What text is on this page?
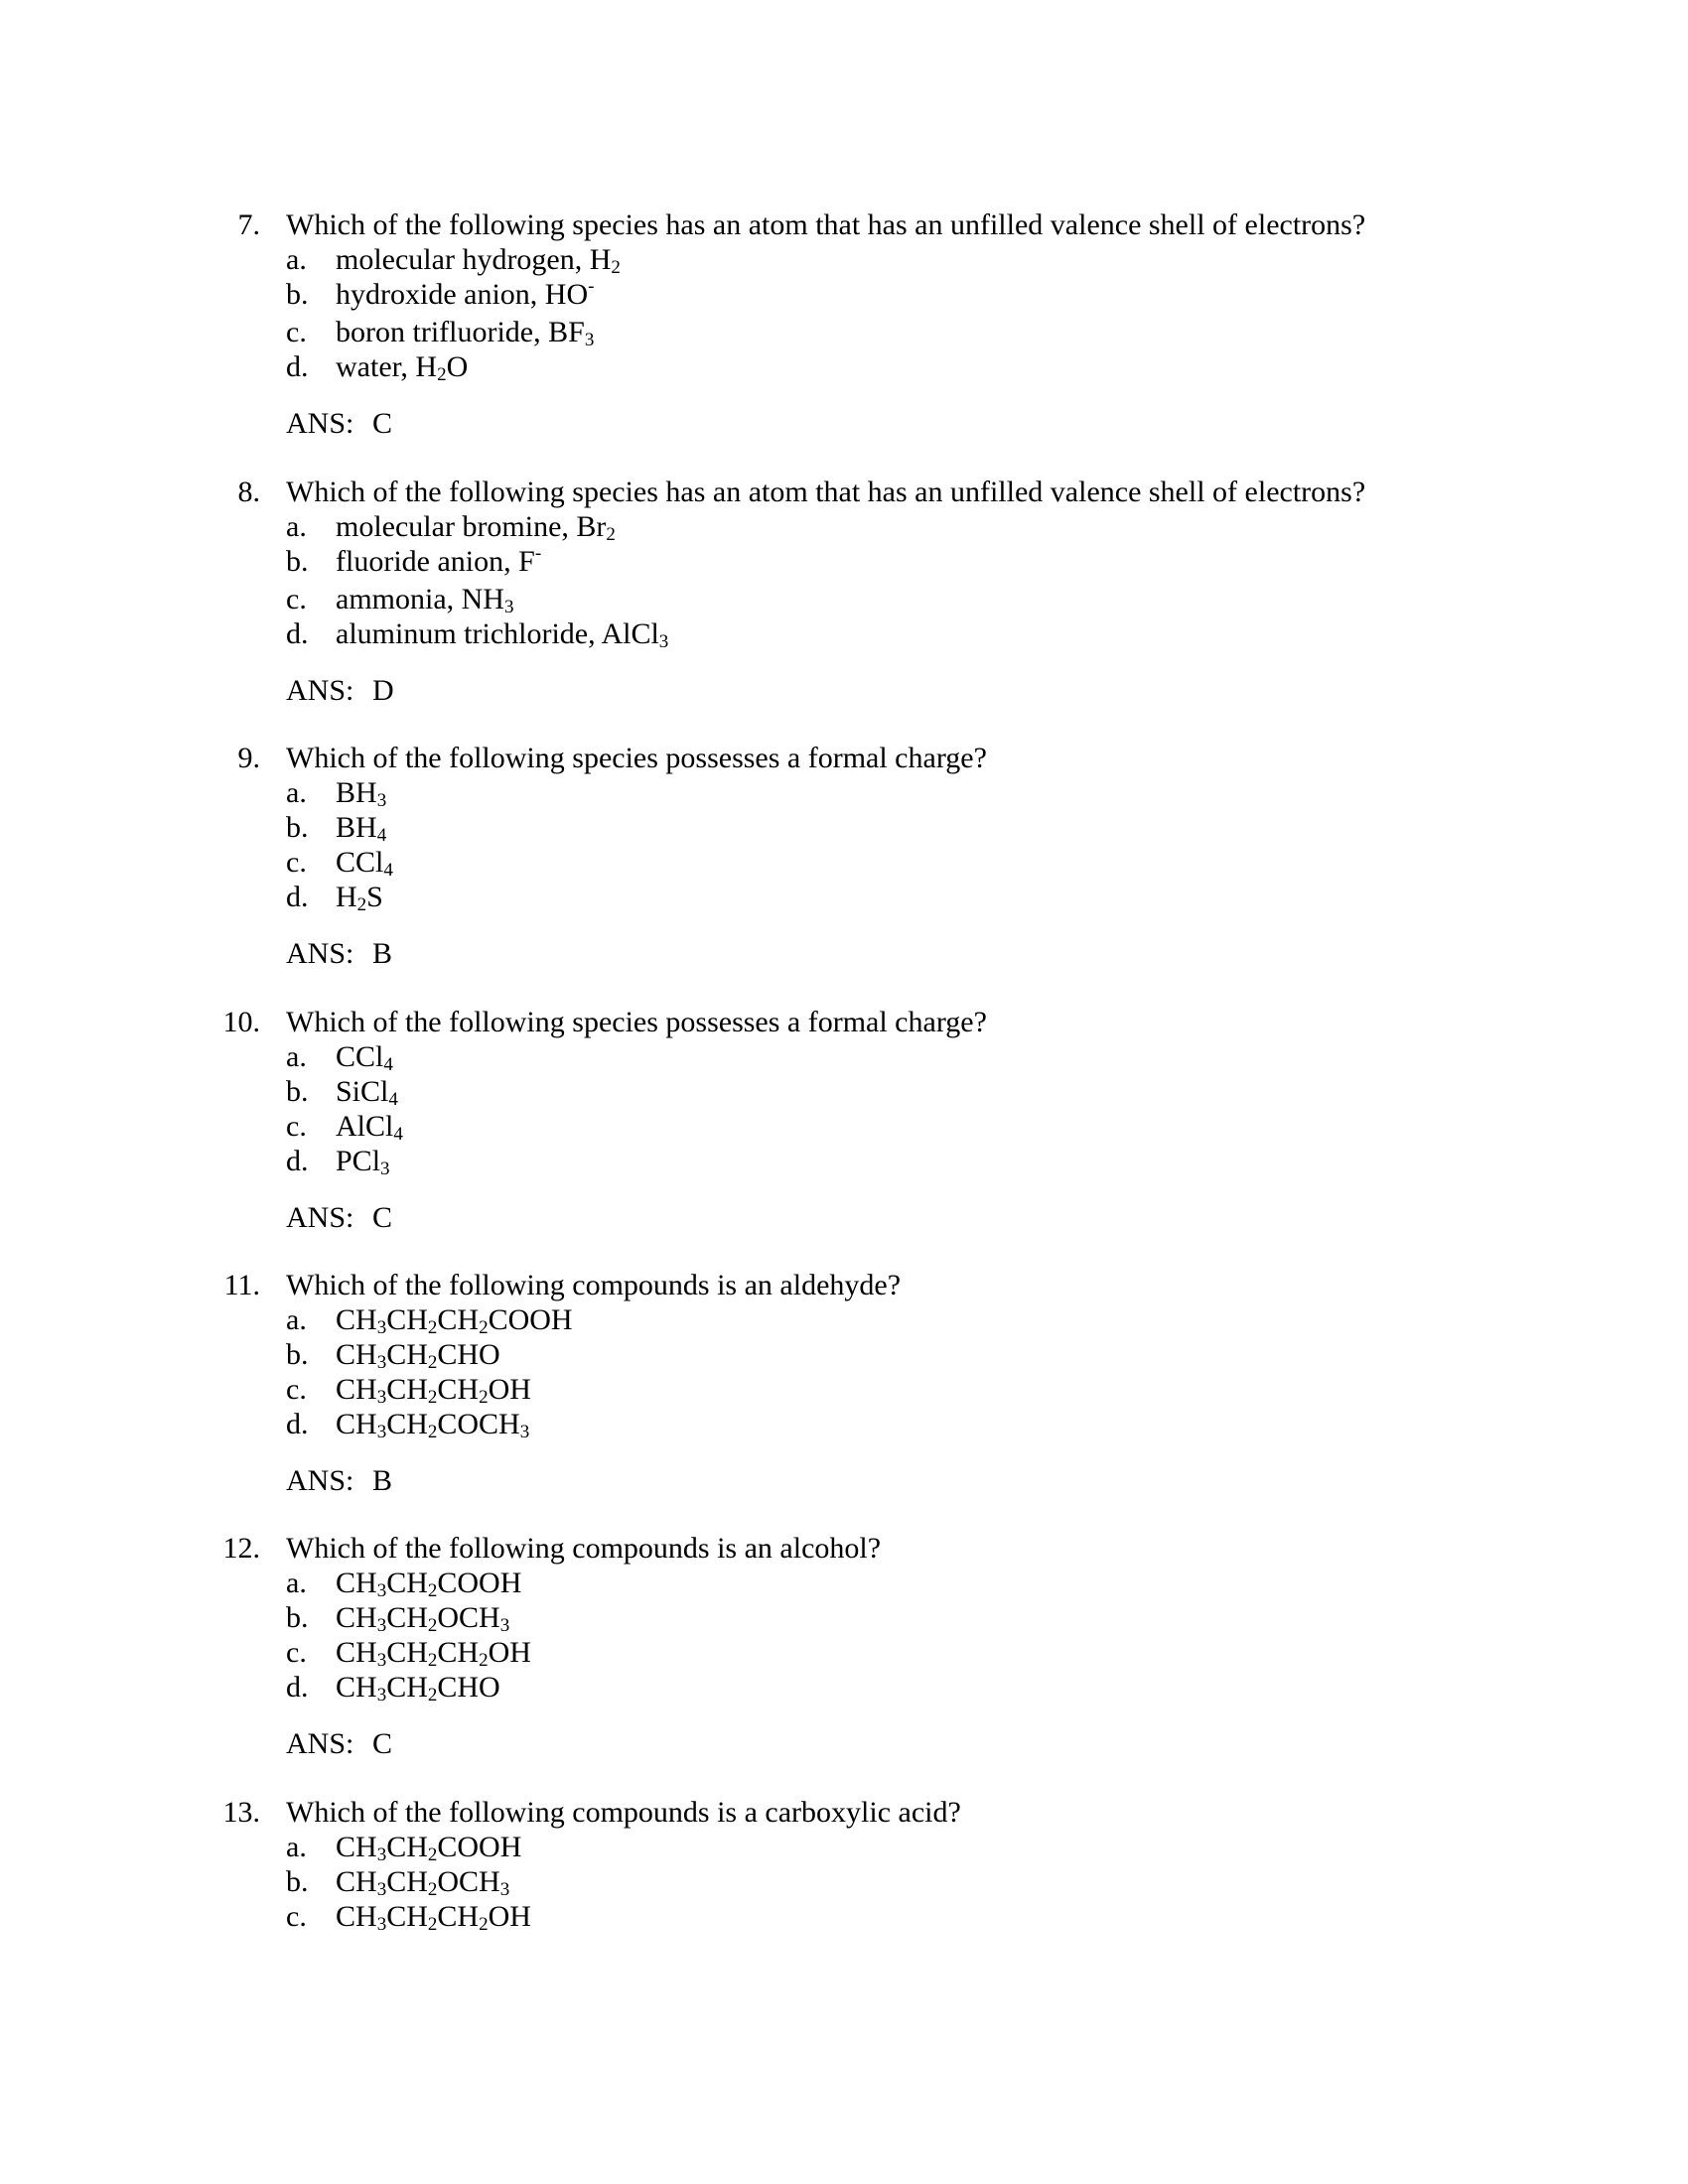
7. Which of the following species has an atom that has an unfilled valence shell of electrons?
a. molecular hydrogen, $H_2$
b. hydroxide anion, HO-
c. boron trifluoride, $BF_3$
d. water, $H_2O$
ANS: C
8. Which of the following species has an atom that has an unfilled valence shell of electrons?
a. molecular bromine, $Br_2$
b. fluoride anion, F-
c. ammonia, $NH_3$
d. aluminum trichloride, AlCl$_3$
ANS: D
9. Which of the following species possesses a formal charge?
a. $BH_3$
b. $BH_4$
c. CCl$_4$
d. $H_2S$
ANS: B
10. Which of the following species possesses a formal charge?
a. CCl$_4$
b. SiCl$_4$
c. AlCl$_4$
d. PCl$_3$
ANS: C
11. Which of the following compounds is an aldehyde?
a. $CH_3CH_2CH_2COOH$
b. $CH_3CH_2CHO$
c. $CH_3CH_2CH_2OH$
d. $CH_3CH_2COCH_3$
ANS: B
12. Which of the following compounds is an alcohol?
a. $CH_3CH_2COOH$
b. $CH_3CH_2OCH_3$
c. $CH_3CH_2CH_2OH$
d. $CH_3CH_2CHO$
ANS: C
13. Which of the following compounds is a carboxylic acid?
a. $CH_3CH_2COOH$
b. $CH_3CH_2OCH_3$
c. $CH_3CH_2CH_2OH$
